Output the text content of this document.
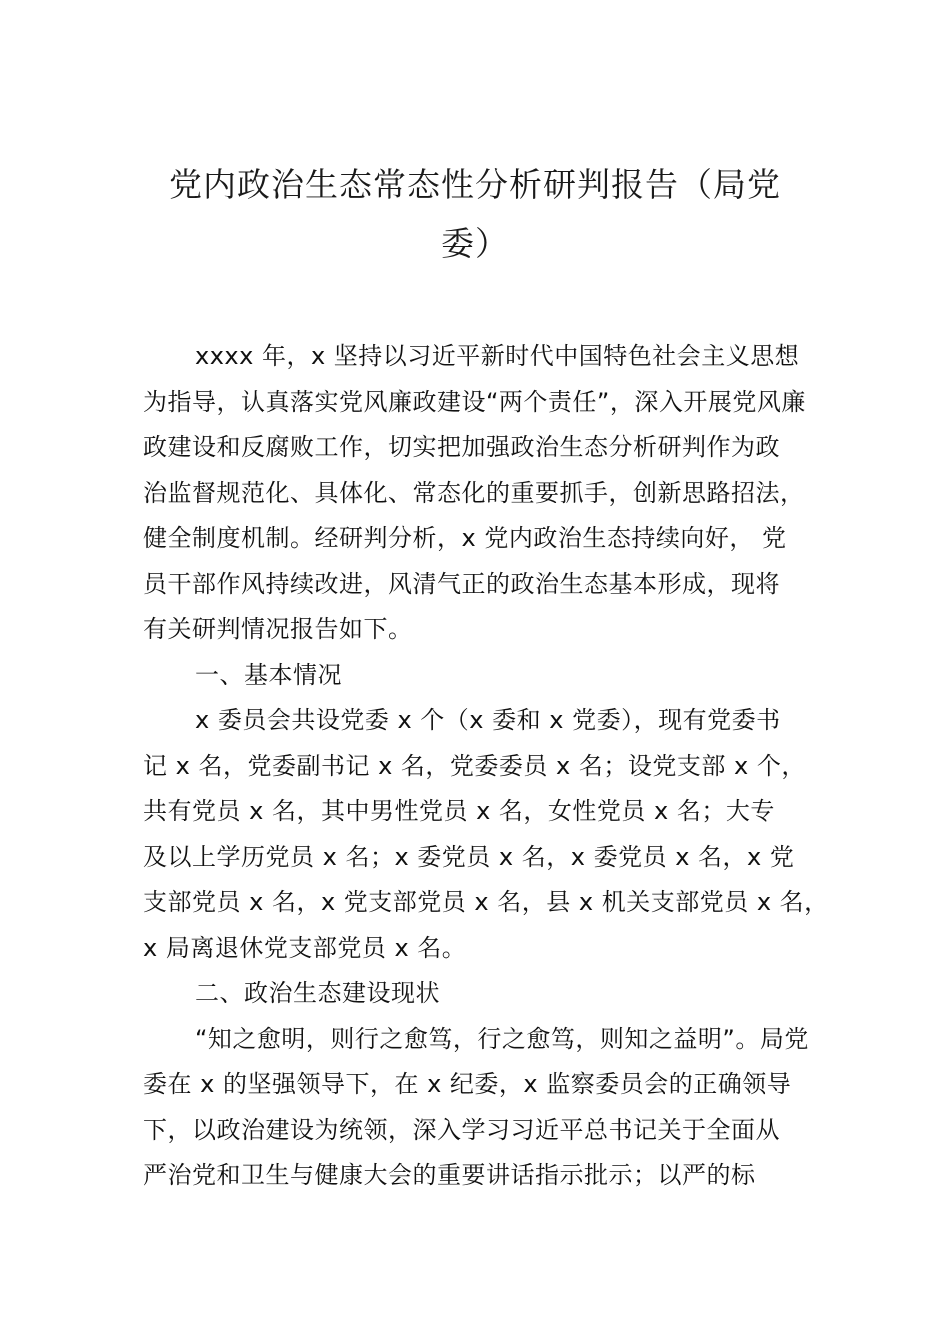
党内政治生态常态性分析研判报告（局党
委）
xxxx 年，x 坚持以习近平新时代中国特色社会主义思想
为指导，认真落实党风廉政建设“两个责任”，深入开展党风廉
政建设和反腐败工作，切实把加强政治生态分析研判作为政
治监督规范化、具体化、常态化的重要抓手，创新思路招法，
健全制度机制。经研判分析，x 党内政治生态持续向好， 党
员干部作风持续改进，风清气正的政治生态基本形成，现将
有关研判情况报告如下。
一、基本情况
x 委员会共设党委 x 个（x 委和 x 党委），现有党委书
记 x 名，党委副书记 x 名，党委委员 x 名；设党支部 x 个，
共有党员 x 名，其中男性党员 x 名，女性党员 x 名；大专
及以上学历党员 x 名；x 委党员 x 名，x 委党员 x 名，x 党
支部党员 x 名，x 党支部党员 x 名，县 x 机关支部党员 x 名，
x 局离退休党支部党员 x 名。
二、政治生态建设现状
“知之愈明，则行之愈笃，行之愈笃，则知之益明”。局党
委在 x 的坚强领导下，在 x 纪委，x 监察委员会的正确领导
下，以政治建设为统领，深入学习习近平总书记关于全面从
严治党和卫生与健康大会的重要讲话指示批示；以严的标
